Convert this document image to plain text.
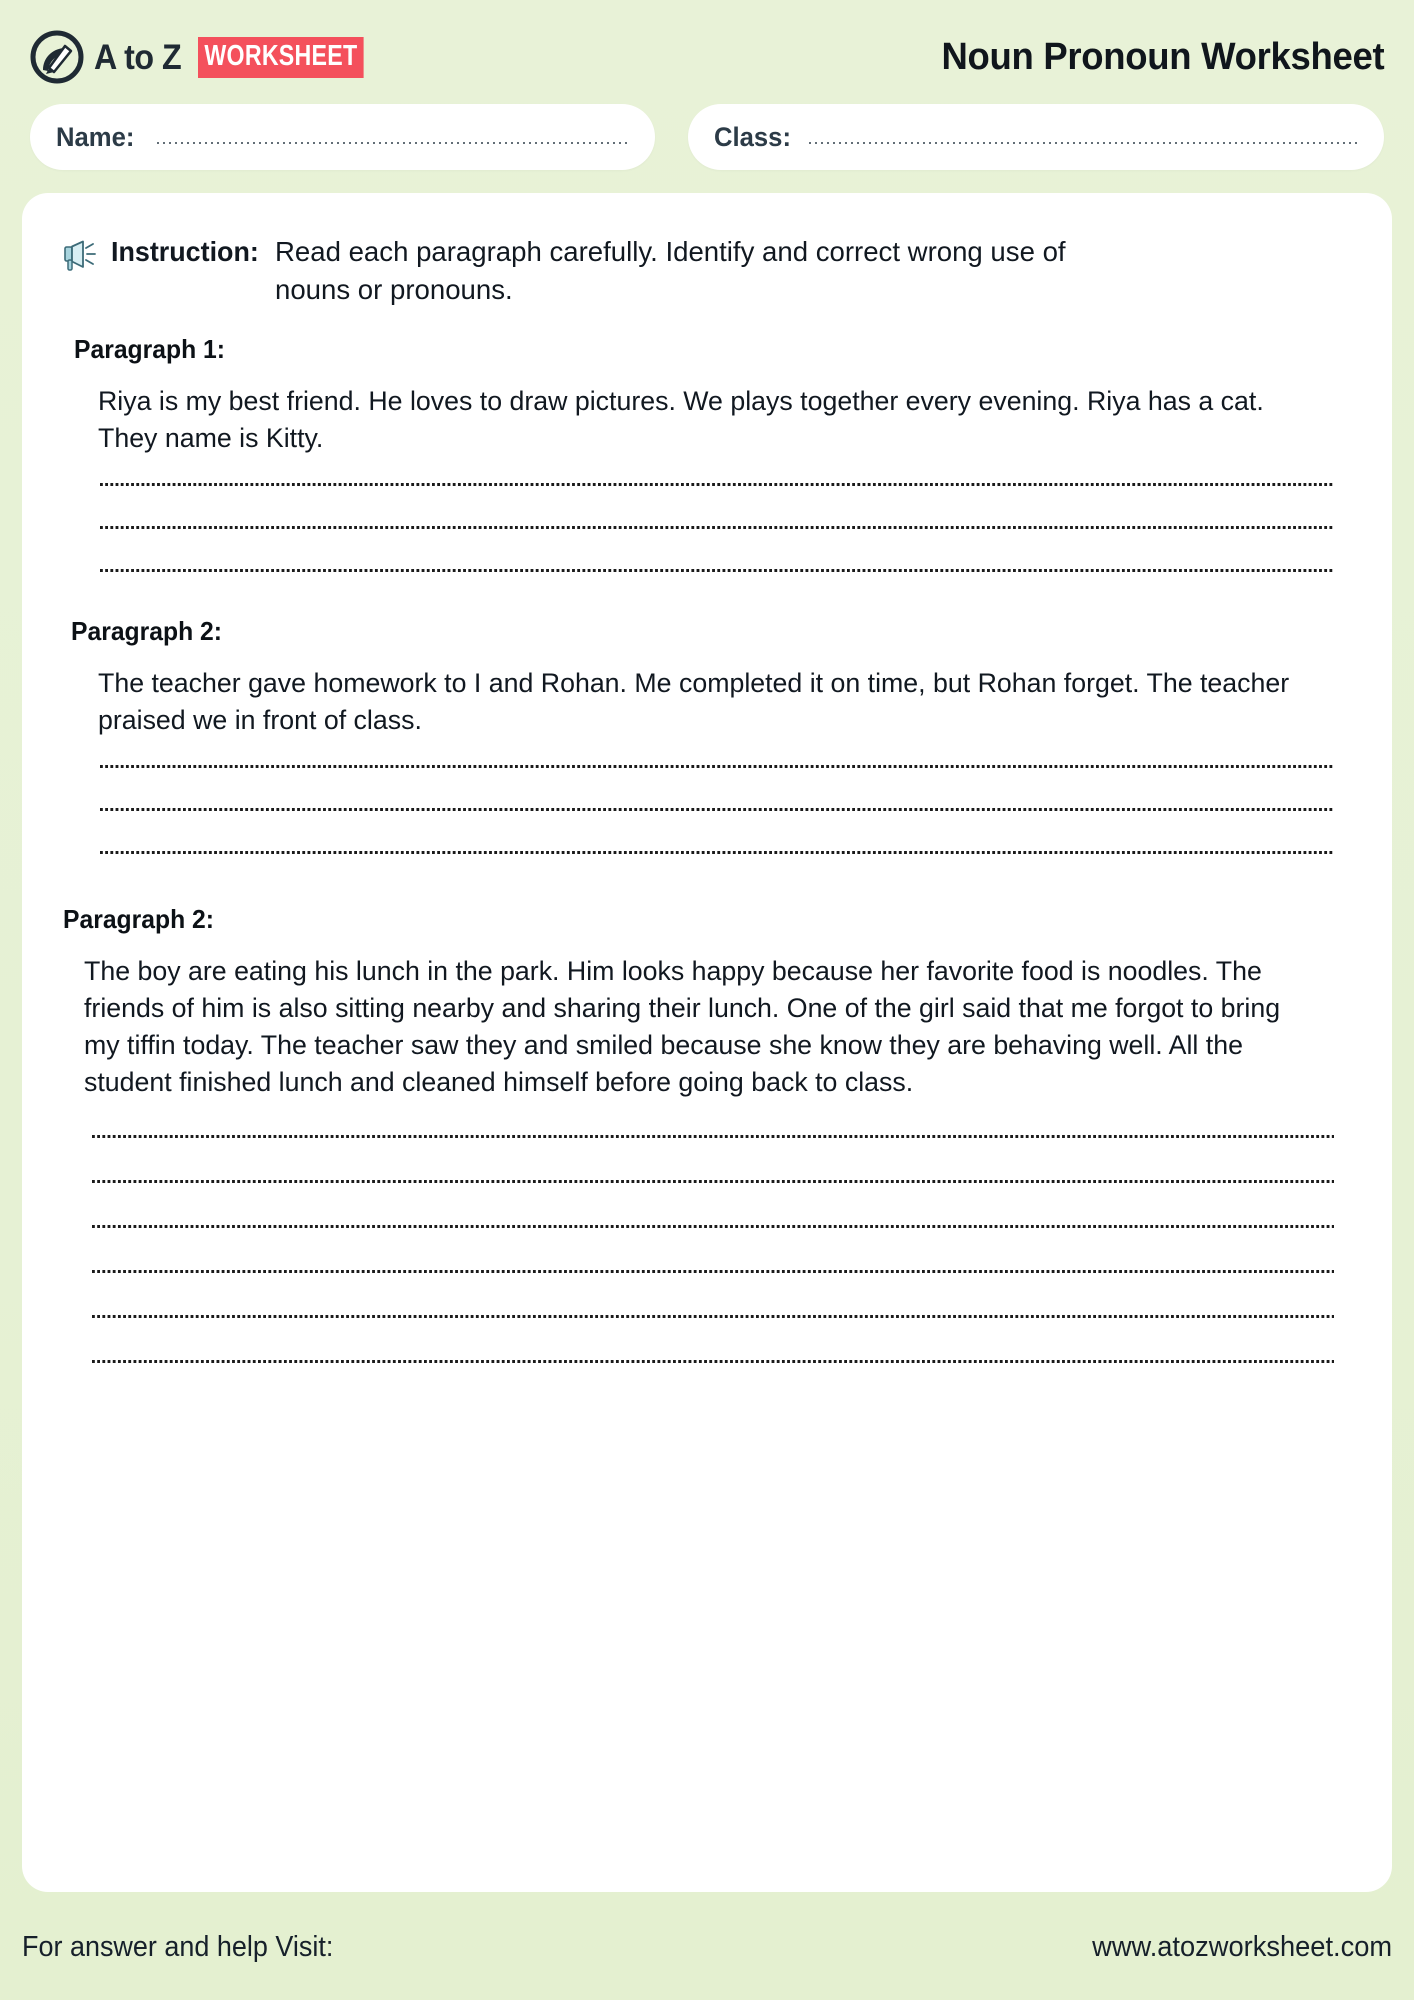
A to Z WORKSHEET	Noun Pronoun Worksheet
Name:	Class:
Instruction: Read each paragraph carefully. Identify and correct wrong use of nouns or pronouns.
Paragraph 1:
Riya is my best friend. He loves to draw pictures. We plays together every evening. Riya has a cat. They name is Kitty.
Paragraph 2:
The teacher gave homework to I and Rohan. Me completed it on time, but Rohan forget. The teacher praised we in front of class.
Paragraph 2:
The boy are eating his lunch in the park. Him looks happy because her favorite food is noodles. The friends of him is also sitting nearby and sharing their lunch. One of the girl said that me forgot to bring my tiffin today. The teacher saw they and smiled because she know they are behaving well. All the student finished lunch and cleaned himself before going back to class.
For answer and help Visit:	www.atozworksheet.com
